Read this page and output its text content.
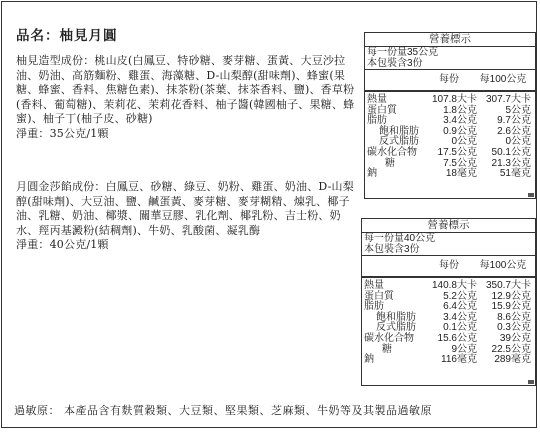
品名：柚見月圓
柚見造型成份：桃山皮(白鳳豆、特砂糖、麥芽糖、蛋黃、大豆沙拉油、奶油、高筋麵粉、雞蛋、海藻糖、D-山梨醇(甜味劑)、蜂蜜(果糖、蜂蜜、香料、焦糖色素)、抹茶粉(茶葉、抹茶香料、鹽)、香草粉(香料、葡萄糖)、茉莉花、茉莉花香料、柚子醬(韓國柚子、果糖、蜂蜜)、柚子丁(柚子皮、砂糖)
淨重：35公克/1顆
月圓金莎餡成份：白鳳豆、砂糖、綠豆、奶粉、雞蛋、奶油、D-山梨醇(甜味劑)、大豆油、鹽、鹹蛋黃、麥芽糖、麥芽糊精、煉乳、椰子油、乳糖、奶油、椰漿、關華豆膠、乳化劑、椰乳粉、吉士粉、奶水、羥丙基澱粉(結稠劑)、牛奶、乳酸菌、凝乳酶
淨重：40公克/1顆
營養標示
每一份量35公克
本包裝含3份
每份	每100公克
熱量	107.8大卡 307.7大卡
蛋白質	1.8公克	5公克
脂肪	3.4公克	9.7公克
飽和脂肪	0.9公克	2.6公克
反式脂肪	0公克	0公克
碳水化合物	17.5公克	50.1公克
糖	7.5公克	21.3公克
鈉	18毫克	51毫克
營養標示
每一份量40公克
本包裝含3份
每份	每100公克
熱量	140.8大卡 350.7大卡
蛋白質	5.2公克	12.9公克
脂肪	6.4公克	15.9公克
飽和脂肪	3.4公克	8.6公克
反式脂肪	0.1公克	0.3公克
碳水化合物	15.6公克	39公克
糖	9公克	22.5公克
鈉	116毫克	289毫克
過敏原： 本產品含有麩質穀類、大豆類、堅果類、芝麻類、牛奶等及其製品過敏原
